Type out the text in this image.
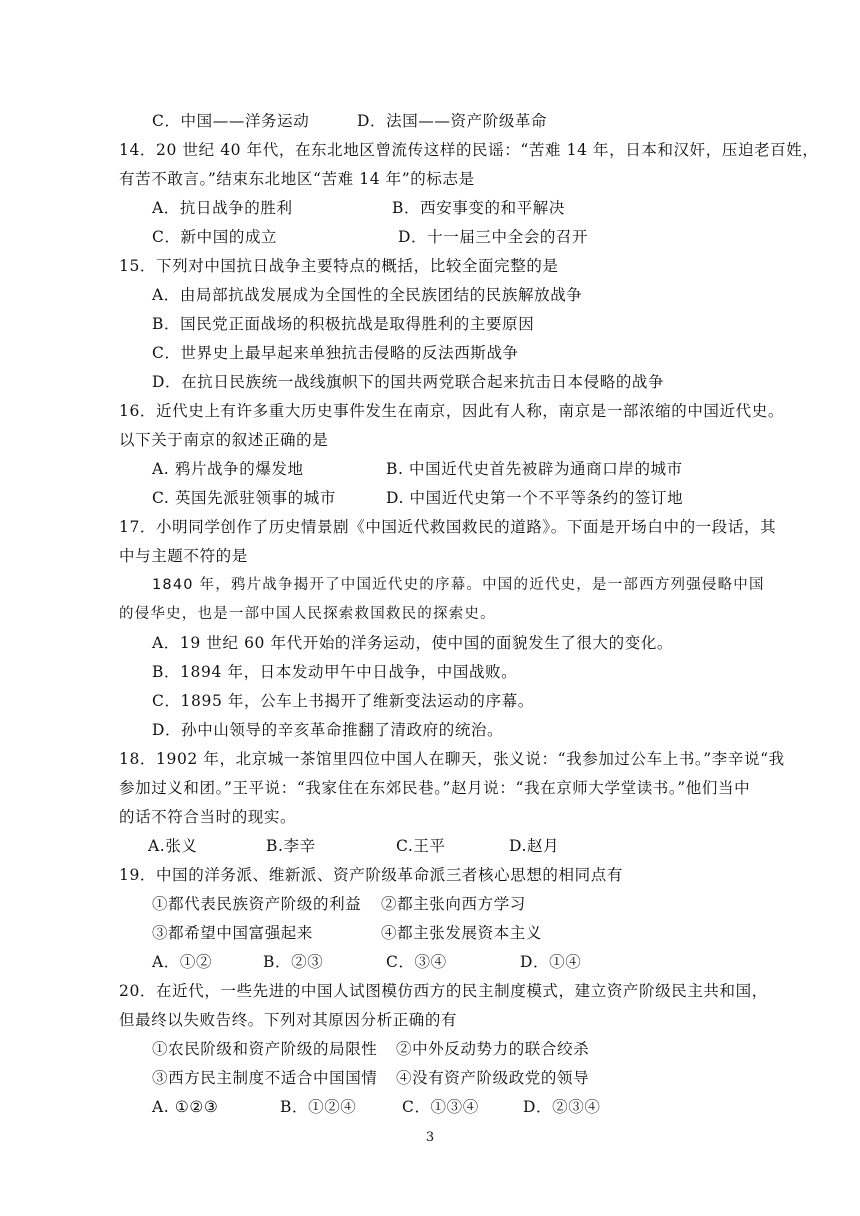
C．中国——洋务运动	D．法国——资产阶级革命
14．20 世纪 40 年代，在东北地区曾流传这样的民谣：“苦难 14 年，日本和汉奸，压迫老百姓，
有苦不敢言。”结束东北地区“苦难 14 年”的标志是
A．抗日战争的胜利	B．西安事变的和平解决
C．新中国的成立	D．十一届三中全会的召开
15．下列对中国抗日战争主要特点的概括，比较全面完整的是
A．由局部抗战发展成为全国性的全民族团结的民族解放战争
B．国民党正面战场的积极抗战是取得胜利的主要原因
C．世界史上最早起来单独抗击侵略的反法西斯战争
D．在抗日民族统一战线旗帜下的国共两党联合起来抗击日本侵略的战争
16．近代史上有许多重大历史事件发生在南京，因此有人称，南京是一部浓缩的中国近代史。
以下关于南京的叙述正确的是
A. 鸦片战争的爆发地	B. 中国近代史首先被辟为通商口岸的城市
C. 英国先派驻领事的城市	D. 中国近代史第一个不平等条约的签订地
17．小明同学创作了历史情景剧《中国近代救国救民的道路》。下面是开场白中的一段话，其
中与主题不符的是
1840 年，鸦片战争揭开了中国近代史的序幕。中国的近代史，是一部西方列强侵略中国
的侵华史，也是一部中国人民探索救国救民的探索史。
A．19 世纪 60 年代开始的洋务运动，使中国的面貌发生了很大的变化。
B．1894 年，日本发动甲午中日战争，中国战败。
C．1895 年，公车上书揭开了维新变法运动的序幕。
D．孙中山领导的辛亥革命推翻了清政府的统治。
18．1902 年，北京城一茶馆里四位中国人在聊天，张义说：“我参加过公车上书。”李辛说“我
参加过义和团。”王平说：“我家住在东郊民巷。”赵月说：“我在京师大学堂读书。”他们当中
的话不符合当时的现实。
A.张义	B.李辛	C.王平	D.赵月
19．中国的洋务派、维新派、资产阶级革命派三者核心思想的相同点有
①都代表民族资产阶级的利益 ②都主张向西方学习
③都希望中国富强起来	④都主张发展资本主义
A．①②	B．②③	C．③④	D．①④
20．在近代，一些先进的中国人试图模仿西方的民主制度模式，建立资产阶级民主共和国，
但最终以失败告终。下列对其原因分析正确的有
①农民阶级和资产阶级的局限性 ②中外反动势力的联合绞杀
③西方民主制度不适合中国国情 ④没有资产阶级政党的领导
A. ①②③	B．①②④	C．①③④	D．②③④
3
